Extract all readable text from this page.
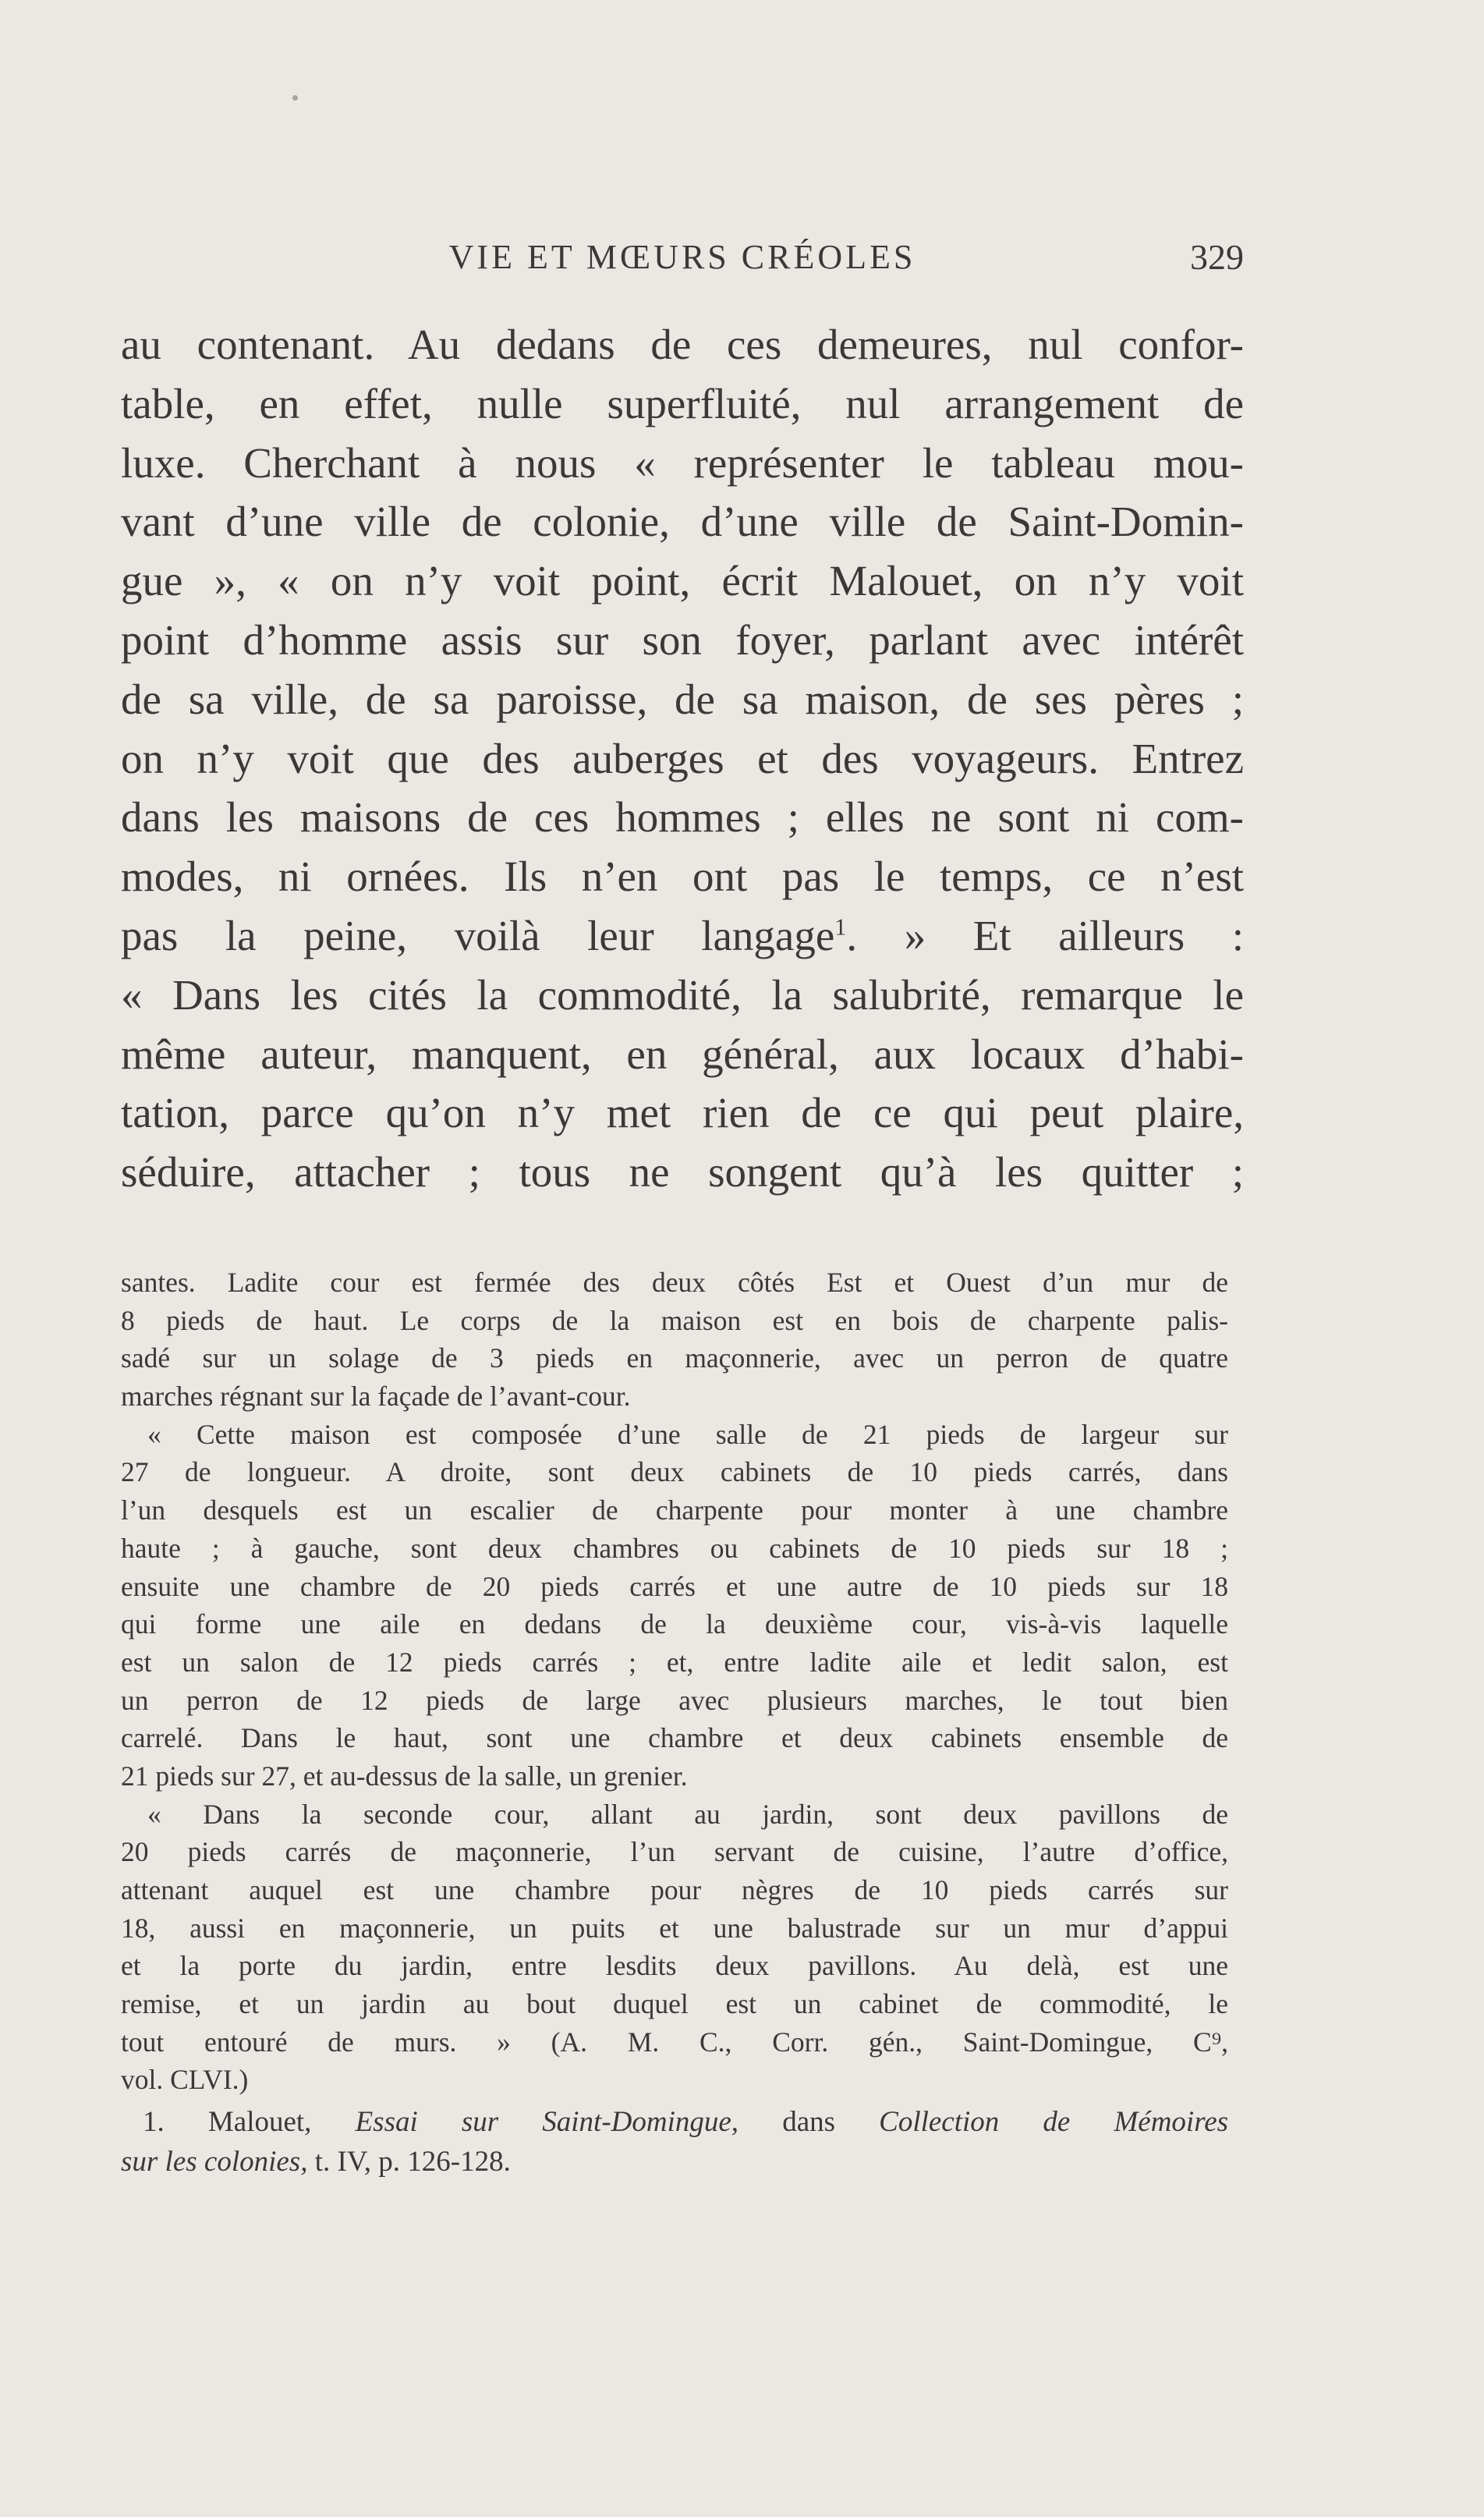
VIE ET MŒURS CRÉOLES	329
au contenant. Au dedans de ces demeures, nul confor-
table, en effet, nulle superfluité, nul arrangement de
luxe. Cherchant à nous « représenter le tableau mou-
vant d’une ville de colonie, d’une ville de Saint-Domin-
gue », « on n’y voit point, écrit Malouet, on n’y voit
point d’homme assis sur son foyer, parlant avec intérêt
de sa ville, de sa paroisse, de sa maison, de ses pères ;
on n’y voit que des auberges et des voyageurs. Entrez
dans les maisons de ces hommes ; elles ne sont ni com-
modes, ni ornées. Ils n’en ont pas le temps, ce n’est
pas la peine, voilà leur langage$^1$. » Et ailleurs :
« Dans les cités la commodité, la salubrité, remarque le
même auteur, manquent, en général, aux locaux d’habi-
tation, parce qu’on n’y met rien de ce qui peut plaire,
séduire, attacher ; tous ne songent qu’à les quitter ;
santes. Ladite cour est fermée des deux côtés Est et Ouest d’un mur de
8 pieds de haut. Le corps de la maison est en bois de charpente palis-
sadé sur un solage de 3 pieds en maçonnerie, avec un perron de quatre
marches régnant sur la façade de l’avant-cour.
« Cette maison est composée d’une salle de 21 pieds de largeur sur
27 de longueur. A droite, sont deux cabinets de 10 pieds carrés, dans
l’un desquels est un escalier de charpente pour monter à une chambre
haute ; à gauche, sont deux chambres ou cabinets de 10 pieds sur 18 ;
ensuite une chambre de 20 pieds carrés et une autre de 10 pieds sur 18
qui forme une aile en dedans de la deuxième cour, vis-à-vis laquelle
est un salon de 12 pieds carrés ; et, entre ladite aile et ledit salon, est
un perron de 12 pieds de large avec plusieurs marches, le tout bien
carrelé. Dans le haut, sont une chambre et deux cabinets ensemble de
21 pieds sur 27, et au-dessus de la salle, un grenier.
« Dans la seconde cour, allant au jardin, sont deux pavillons de
20 pieds carrés de maçonnerie, l’un servant de cuisine, l’autre d’office,
attenant auquel est une chambre pour nègres de 10 pieds carrés sur
18, aussi en maçonnerie, un puits et une balustrade sur un mur d’appui
et la porte du jardin, entre lesdits deux pavillons. Au delà, est une
remise, et un jardin au bout duquel est un cabinet de commodité, le
tout entouré de murs. » (A. M. C., Corr. gén., Saint-Domingue, C⁹,
vol. CLVI.)
1. Malouet, Essai sur Saint-Domingue, dans Collection de Mémoires
sur les colonies, t. IV, p. 126-128.
